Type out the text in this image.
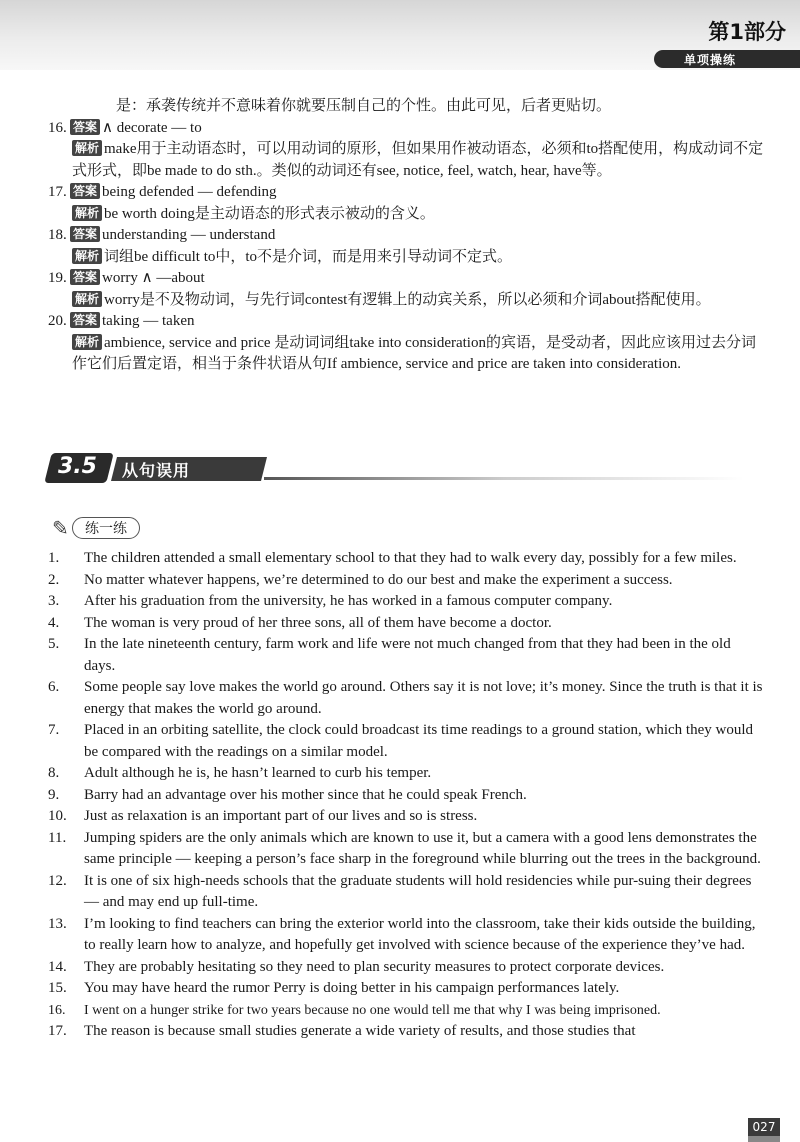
第1部分
单项操练
是：承袭传统并不意味着你就要压制自己的个性。由此可见，后者更贴切。
16. 答案 ∧ decorate — to
解析 make用于主动语态时，可以用动词的原形，但如果用作被动语态，必须和to搭配使用，构成动词不定式形式，即be made to do sth.。类似的动词还有see, notice, feel, watch, hear, have等。
17. 答案 being defended — defending
解析 be worth doing是主动语态的形式表示被动的含义。
18. 答案 understanding — understand
解析 词组be difficult to中，to不是介词，而是用来引导动词不定式。
19. 答案 worry ∧ —about
解析 worry是不及物动词，与先行词contest有逻辑上的动宾关系，所以必须和介词about搭配使用。
20. 答案 taking — taken
解析 ambience, service and price 是动词词组take into consideration的宾语，是受动者，因此应该用过去分词作它们后置定语，相当于条件状语从句If ambience, service and price are taken into consideration.
3.5 从句误用
✎	练一练
1. The children attended a small elementary school to that they had to walk every day, possibly for a few miles.
2. No matter whatever happens, we’re determined to do our best and make the experiment a success.
3. After his graduation from the university, he has worked in a famous computer company.
4. The woman is very proud of her three sons, all of them have become a doctor.
5. In the late nineteenth century, farm work and life were not much changed from that they had been in the old days.
6. Some people say love makes the world go around. Others say it is not love; it’s money. Since the truth is that it is energy that makes the world go around.
7. Placed in an orbiting satellite, the clock could broadcast its time readings to a ground station, which they would be compared with the readings on a similar model.
8. Adult although he is, he hasn’t learned to curb his temper.
9. Barry had an advantage over his mother since that he could speak French.
10. Just as relaxation is an important part of our lives and so is stress.
11. Jumping spiders are the only animals which are known to use it, but a camera with a good lens demonstrates the same principle — keeping a person’s face sharp in the foreground while blurring out the trees in the background.
12. It is one of six high-needs schools that the graduate students will hold residencies while pur-suing their degrees — and may end up full-time.
13. I’m looking to find teachers can bring the exterior world into the classroom, take their kids outside the building, to really learn how to analyze, and hopefully get involved with science because of the experience they’ve had.
14. They are probably hesitating so they need to plan security measures to protect corporate devices.
15. You may have heard the rumor Perry is doing better in his campaign performances lately.
16. I went on a hunger strike for two years because no one would tell me that why I was being imprisoned.
17. The reason is because small studies generate a wide variety of results, and those studies that
027
